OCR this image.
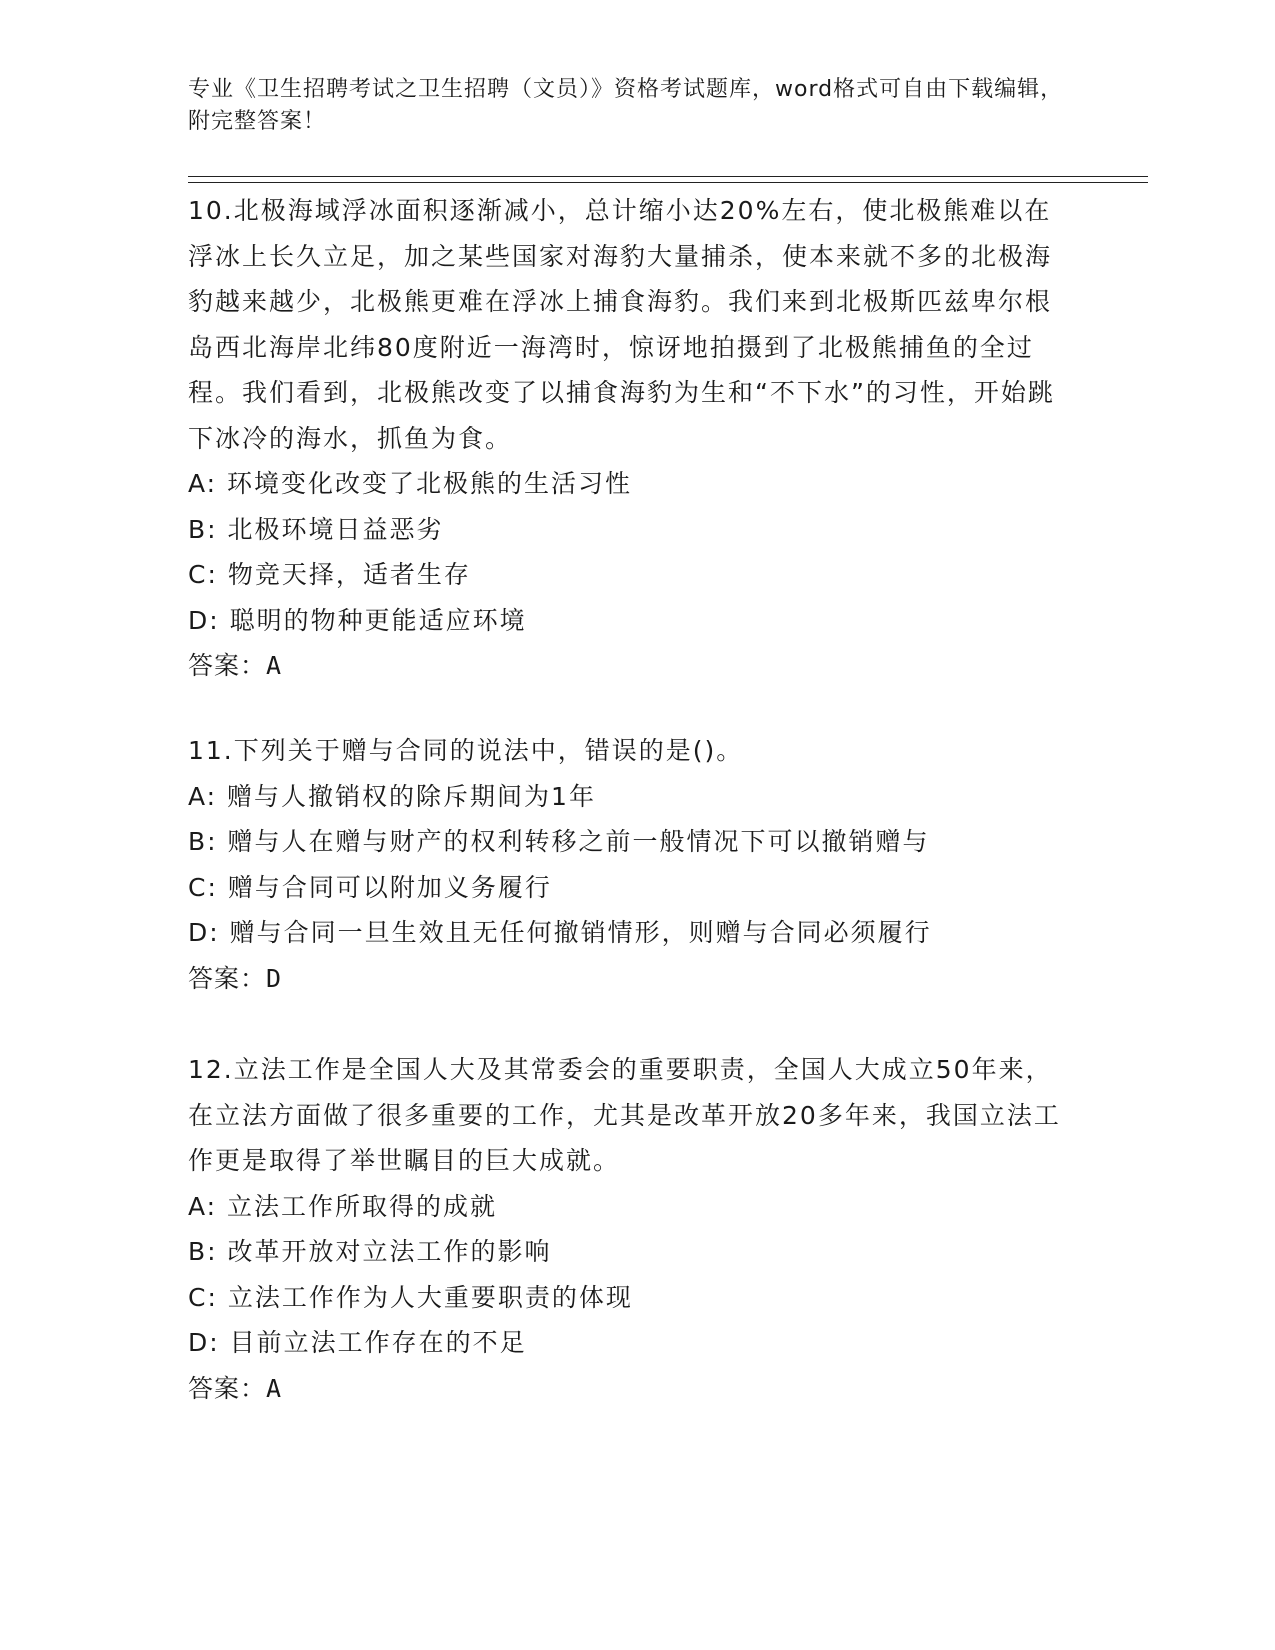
专业《卫生招聘考试之卫生招聘（文员）》资格考试题库，word格式可自由下载编辑，附完整答案！

10.北极海域浮冰面积逐渐减小，总计缩小达20%左右，使北极熊难以在浮冰上长久立足，加之某些国家对海豹大量捕杀，使本来就不多的北极海豹越来越少，北极熊更难在浮冰上捕食海豹。我们来到北极斯匹兹卑尔根岛西北海岸北纬80度附近一海湾时，惊讶地拍摄到了北极熊捕鱼的全过程。我们看到，北极熊改变了以捕食海豹为生和“不下水”的习性，开始跳下冰冷的海水，抓鱼为食。

A: 环境变化改变了北极熊的生活习性

B: 北极环境日益恶劣

C: 物竞天择，适者生存

D: 聪明的物种更能适应环境

答案：A

11.下列关于赠与合同的说法中，错误的是()。

A: 赠与人撤销权的除斥期间为1年

B: 赠与人在赠与财产的权利转移之前一般情况下可以撤销赠与

C: 赠与合同可以附加义务履行

D: 赠与合同一旦生效且无任何撤销情形，则赠与合同必须履行

答案：D

12.立法工作是全国人大及其常委会的重要职责，全国人大成立50年来，在立法方面做了很多重要的工作，尤其是改革开放20多年来，我国立法工作更是取得了举世瞩目的巨大成就。

A: 立法工作所取得的成就

B: 改革开放对立法工作的影响

C: 立法工作作为人大重要职责的体现

D: 目前立法工作存在的不足

答案：A
